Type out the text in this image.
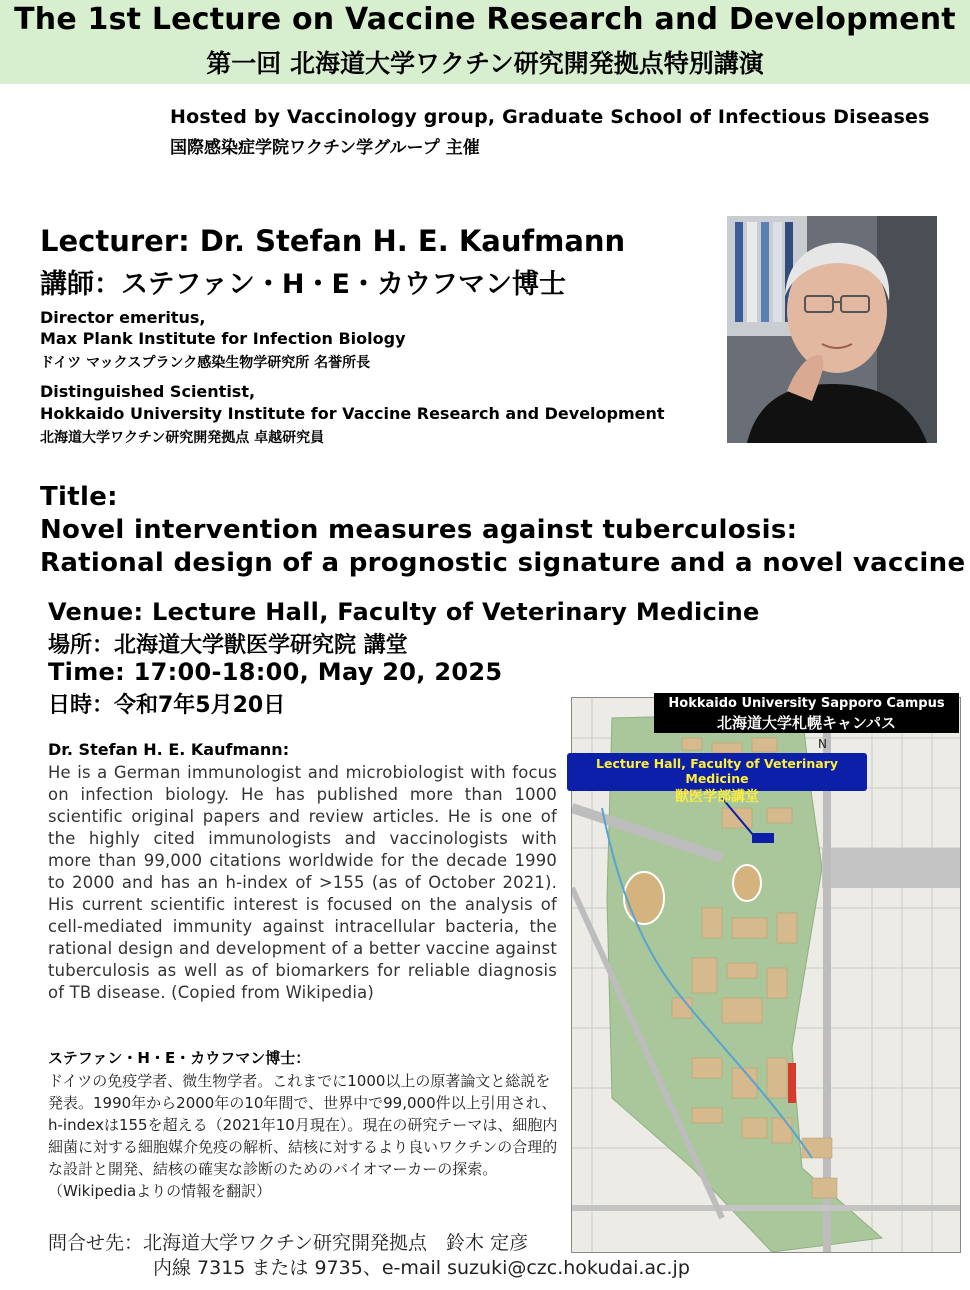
The 1st Lecture on Vaccine Research and Development
第一回 北海道大学ワクチン研究開発拠点特別講演
Hosted by Vaccinology group, Graduate School of Infectious Diseases
国際感染症学院ワクチン学グループ 主催
Lecturer: Dr. Stefan H. E. Kaufmann
講師：ステファン・H・E・カウフマン博士
Director emeritus,
Max Plank Institute for Infection Biology
ドイツ マックスプランク感染生物学研究所 名誉所長
Distinguished Scientist,
Hokkaido University Institute for Vaccine Research and Development
北海道大学ワクチン研究開発拠点 卓越研究員
Title:
Novel intervention measures against tuberculosis:
Rational design of a prognostic signature and a novel vaccine
Venue: Lecture Hall, Faculty of Veterinary Medicine
場所：北海道大学獣医学研究院 講堂
Time: 17:00-18:00, May 20, 2025
日時：令和7年5月20日
Dr. Stefan H. E. Kaufmann:
He is a German immunologist and microbiologist with focus on infection biology. He has published more than 1000 scientific original papers and review articles. He is one of the highly cited immunologists and vaccinologists with more than 99,000 citations worldwide for the decade 1990 to 2000 and has an h-index of >155 (as of October 2021). His current scientific interest is focused on the analysis of cell-mediated immunity against intracellular bacteria, the rational design and development of a better vaccine against tuberculosis as well as of biomarkers for reliable diagnosis of TB disease. (Copied from Wikipedia)
ステファン・H・E・カウフマン博士：
ドイツの免疫学者、微生物学者。これまでに1000以上の原著論文と総説を発表。1990年から2000年の10年間で、世界中で99,000件以上引用され、h-indexは155を超える（2021年10月現在）。現在の研究テーマは、細胞内細菌に対する細胞媒介免疫の解析、結核に対するより良いワクチンの合理的な設計と開発、結核の確実な診断のためのバイオマーカーの探索。（Wikipediaよりの情報を翻訳）
問合せ先：北海道大学ワクチン研究開発拠点　鈴木 定彦
内線 7315 または 9735、e-mail suzuki@czc.hokudai.ac.jp
N
Hokkaido University Sapporo Campus
北海道大学札幌キャンパス
Lecture Hall, Faculty of Veterinary Medicine
獣医学部講堂
